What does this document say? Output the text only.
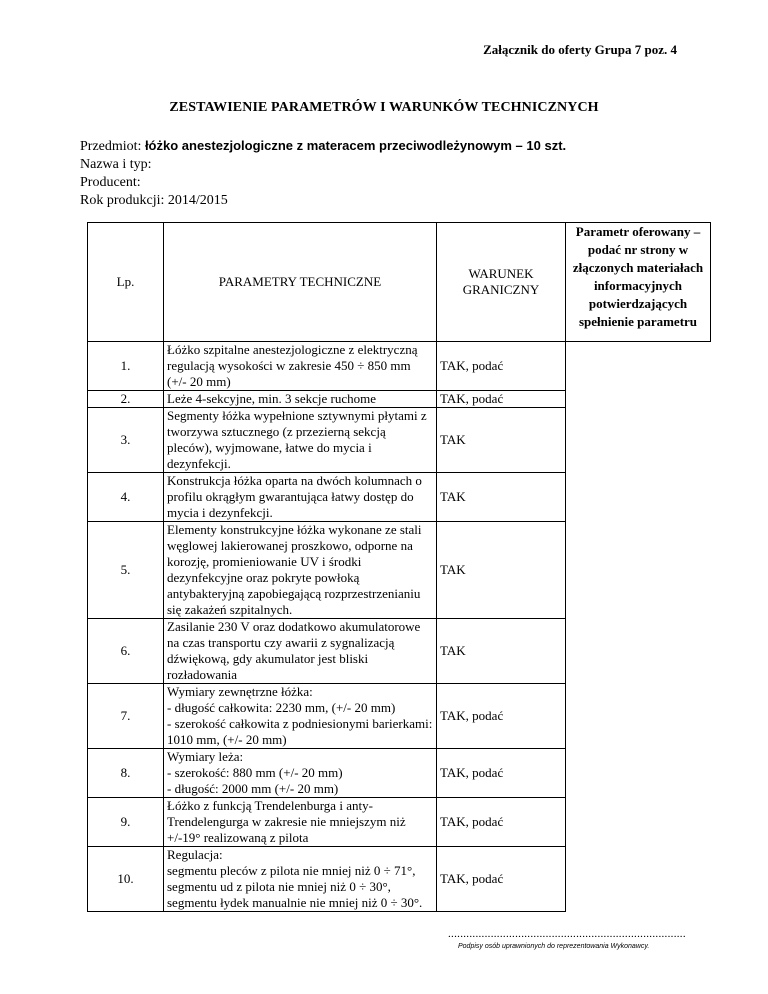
Załącznik do oferty Grupa 7 poz. 4
ZESTAWIENIE PARAMETRÓW I WARUNKÓW TECHNICZNYCH
Przedmiot: łóżko anestezjologiczne z materacem przeciwodleżynowym – 10 szt.
Nazwa i typ:
Producent:
Rok produkcji: 2014/2015
Lp.	PARAMETRY TECHNICZNE	WARUNEK GRANICZNY	Parametr oferowany – podać nr strony w złączonych materiałach informacyjnych potwierdzających spełnienie parametru
1.	Łóżko szpitalne anestezjologiczne z elektryczną regulacją wysokości w zakresie 450 ÷ 850 mm (+/- 20 mm)	TAK, podać	
2.	Leże 4-sekcyjne, min. 3 sekcje ruchome	TAK, podać	
3.	Segmenty łóżka wypełnione sztywnymi płytami z tworzywa sztucznego (z przezierną sekcją pleców), wyjmowane, łatwe do mycia i dezynfekcji.	TAK	
4.	Konstrukcja łóżka oparta na dwóch kolumnach o profilu okrągłym gwarantująca łatwy dostęp do mycia i dezynfekcji.	TAK	
5.	Elementy konstrukcyjne łóżka wykonane ze stali węglowej lakierowanej proszkowo, odporne na korozję, promieniowanie UV i środki dezynfekcyjne oraz pokryte powłoką antybakteryjną zapobiegającą rozprzestrzenianiu się zakażeń szpitalnych.	TAK	
6.	Zasilanie 230 V oraz dodatkowo akumulatorowe na czas transportu czy awarii z sygnalizacją dźwiękową, gdy akumulator jest bliski rozładowania	TAK	
7.	Wymiary zewnętrzne łóżka:
- długość całkowita: 2230 mm, (+/- 20 mm)
- szerokość całkowita z podniesionymi barierkami: 1010 mm, (+/- 20 mm)	TAK, podać	
8.	Wymiary leża:
- szerokość: 880 mm (+/- 20 mm)
- długość: 2000 mm (+/- 20 mm)	TAK, podać	
9.	Łóżko z funkcją Trendelenburga i anty-Trendelengurga w zakresie nie mniejszym niż +/-19° realizowaną z pilota	TAK, podać	
10.	Regulacja:
segmentu pleców z pilota nie mniej niż 0 ÷ 71°, segmentu ud z pilota nie mniej niż 0 ÷ 30°, segmentu łydek manualnie nie mniej niż 0 ÷ 30°.	TAK, podać	
..............................................................................
Podpisy osób uprawnionych do reprezentowania Wykonawcy.
